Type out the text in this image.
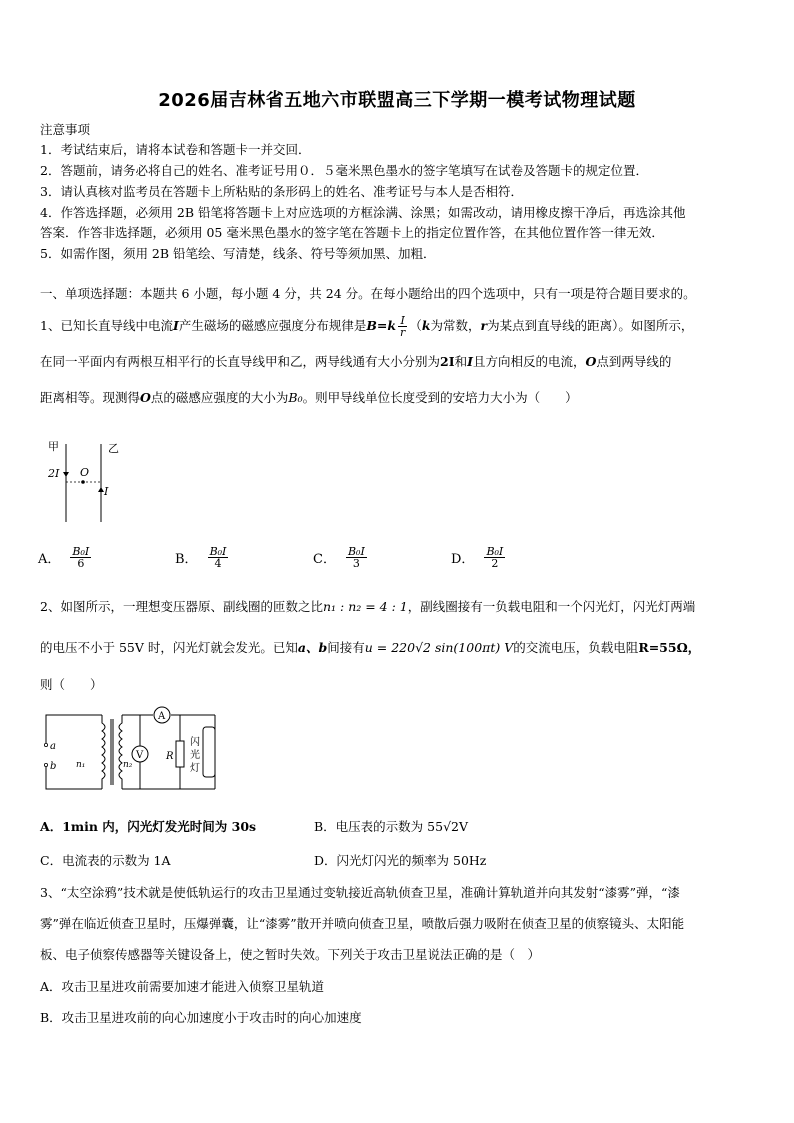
2026届吉林省五地六市联盟高三下学期一模考试物理试题
注意事项
1．考试结束后，请将本试卷和答题卡一并交回．
2．答题前，请务必将自己的姓名、准考证号用０．５毫米黑色墨水的签字笔填写在试卷及答题卡的规定位置．
3．请认真核对监考员在答题卡上所粘贴的条形码上的姓名、准考证号与本人是否相符．
4．作答选择题，必须用 2B 铅笔将答题卡上对应选项的方框涂满、涂黑；如需改动，请用橡皮擦干净后，再选涂其他
答案．作答非选择题，必须用 05 毫米黑色墨水的签字笔在答题卡上的指定位置作答，在其他位置作答一律无效．
5．如需作图，须用 2B 铅笔绘、写清楚，线条、符号等须加黑、加粗．
一、单项选择题：本题共 6 小题，每小题 4 分，共 24 分。在每小题给出的四个选项中，只有一项是符合题目要求的。
1、已知长直导线中电流I产生磁场的磁感应强度分布规律是$B=k \frac{I}{r} (k$为常数，r为某点到直导线的距离）。如图所示，
在同一平面内有两根互相平行的长直导线甲和乙，两导线通有大小分别为2I和I且方向相反的电流，O点到两导线的
距离相等。现测得O点的磁感应强度的大小为B₀。则甲导线单位长度受到的安培力大小为（　　）
甲	乙
2I O
I
A． $\frac{\text{B₀I}}{6}$	B． $\frac{\text{B₀I}}{4}$	C． $\frac{\text{B₀I}}{3}$	D． $\frac{\text{B₀I}}{2}$
2、如图所示，一理想变压器原、副线圈的匝数之比n₁ : n₂ = 4 : 1，副线圈接有一负载电阻和一个闪光灯，闪光灯两端
的电压不小于 55V 时，闪光灯就会发光。已知a、b间接有u = 220√2 sin(100πt) V的交流电压，负载电阻R=55Ω，
则（　　）
a
b n₁	n₂
A
V R
闪
光
灯
A．1min 内，闪光灯发光时间为 30s	B．电压表的示数为 55√2V
C．电流表的示数为 1A	D．闪光灯闪光的频率为 50Hz
3、“太空涂鸦”技术就是使低轨运行的攻击卫星通过变轨接近高轨侦查卫星，准确计算轨道并向其发射“漆雾”弹，“漆
雾”弹在临近侦查卫星时，压爆弹囊，让“漆雾”散开并喷向侦查卫星，喷散后强力吸附在侦查卫星的侦察镜头、太阳能
板、电子侦察传感器等关键设备上，使之暂时失效。下列关于攻击卫星说法正确的是（　）
A．攻击卫星进攻前需要加速才能进入侦察卫星轨道
B．攻击卫星进攻前的向心加速度小于攻击时的向心加速度
